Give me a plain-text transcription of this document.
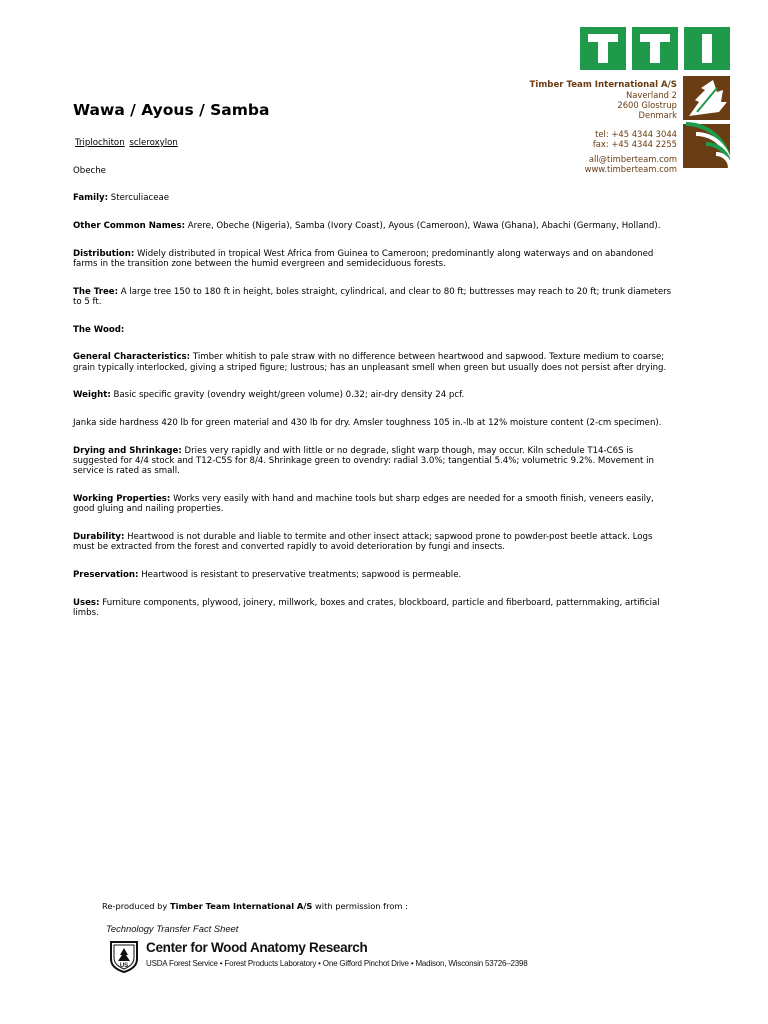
Timber Team International A/S
Naverland 2
2600 Glostrup
Denmark
tel: +45 4344 3044
fax: +45 4344 2255
all@timberteam.com
www.timberteam.com
Wawa / Ayous / Samba
Triplochiton scleroxylon
Obeche
Family: Sterculiaceae
Other Common Names: Arere, Obeche (Nigeria), Samba (Ivory Coast), Ayous (Cameroon), Wawa (Ghana), Abachi (Germany, Holland).
Distribution: Widely distributed in tropical West Africa from Guinea to Cameroon; predominantly along waterways and on abandoned farms in the transition zone between the humid evergreen and semideciduous forests.
The Tree: A large tree 150 to 180 ft in height, boles straight, cylindrical, and clear to 80 ft; buttresses may reach to 20 ft; trunk diameters to 5 ft.
The Wood:
General Characteristics: Timber whitish to pale straw with no difference between heartwood and sapwood. Texture medium to coarse; grain typically interlocked, giving a striped figure; lustrous; has an unpleasant smell when green but usually does not persist after drying.
Weight: Basic specific gravity (ovendry weight/green volume) 0.32; air-dry density 24 pcf.
Janka side hardness 420 lb for green material and 430 lb for dry. Amsler toughness 105 in.-lb at 12% moisture content (2-cm specimen).
Drying and Shrinkage: Dries very rapidly and with little or no degrade, slight warp though, may occur. Kiln schedule T14-C6S is suggested for 4/4 stock and T12-C5S for 8/4. Shrinkage green to ovendry: radial 3.0%; tangential 5.4%; volumetric 9.2%. Movement in service is rated as small.
Working Properties: Works very easily with hand and machine tools but sharp edges are needed for a smooth finish, veneers easily, good gluing and nailing properties.
Durability: Heartwood is not durable and liable to termite and other insect attack; sapwood prone to powder-post beetle attack. Logs must be extracted from the forest and converted rapidly to avoid deterioration by fungi and insects.
Preservation: Heartwood is resistant to preservative treatments; sapwood is permeable.
Uses: Furniture components, plywood, joinery, millwork, boxes and crates, blockboard, particle and fiberboard, patternmaking, artificial limbs.
Re-produced by Timber Team International A/S with permission from :
Technology Transfer Fact Sheet
US
Center for Wood Anatomy Research
USDA Forest Service • Forest Products Laboratory • One Gifford Pinchot Drive • Madison, Wisconsin 53726–2398
